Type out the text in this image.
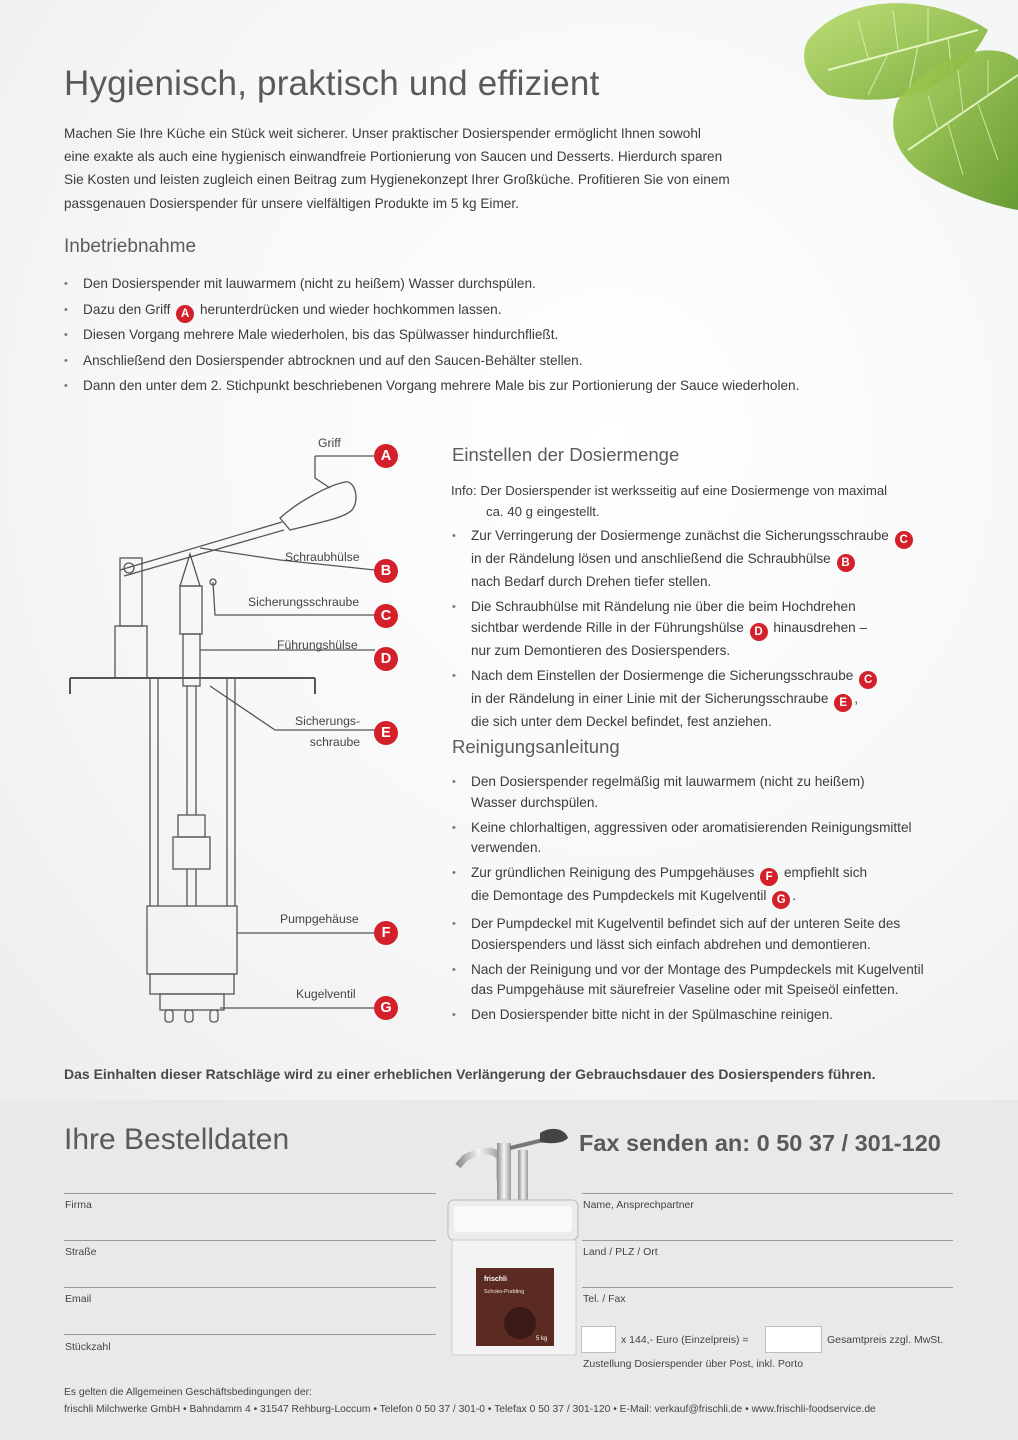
Hygienisch, praktisch und effizient
Machen Sie Ihre Küche ein Stück weit sicherer. Unser praktischer Dosierspender ermöglicht Ihnen sowohl
eine exakte als auch eine hygienisch einwandfreie Portionierung von Saucen und Desserts. Hierdurch sparen
Sie Kosten und leisten zugleich einen Beitrag zum Hygienekonzept Ihrer Großküche. Profitieren Sie von einem
passgenauen Dosierspender für unsere vielfältigen Produkte im 5 kg Eimer.
Inbetriebnahme
• Den Dosierspender mit lauwarmem (nicht zu heißem) Wasser durchspülen.
• Dazu den Griff A herunterdrücken und wieder hochkommen lassen.
• Diesen Vorgang mehrere Male wiederholen, bis das Spülwasser hindurchfließt.
• Anschließend den Dosierspender abtrocknen und auf den Saucen-Behälter stellen.
• Dann den unter dem 2. Stichpunkt beschriebenen Vorgang mehrere Male bis zur Portionierung der Sauce wiederholen.
Griff
A
Schraubhülse
B
Sicherungsschraube
C
Führungshülse
D
Sicherungs-
schraube
E
Pumpgehäuse
F
Kugelventil
G
Einstellen der Dosiermenge
Info: Der Dosierspender ist werksseitig auf eine Dosiermenge von maximal
ca. 40 g eingestellt.
• Zur Verringerung der Dosiermenge zunächst die Sicherungsschraube C
in der Rändelung lösen und anschließend die Schraubhülse B
nach Bedarf durch Drehen tiefer stellen.
• Die Schraubhülse mit Rändelung nie über die beim Hochdrehen
sichtbar werdende Rille in der Führungshülse D hinausdrehen –
nur zum Demontieren des Dosierspenders.
• Nach dem Einstellen der Dosiermenge die Sicherungsschraube C
in der Rändelung in einer Linie mit der Sicherungsschraube E ,
die sich unter dem Deckel befindet, fest anziehen.
Reinigungsanleitung
• Den Dosierspender regelmäßig mit lauwarmem (nicht zu heißem)
Wasser durchspülen.
• Keine chlorhaltigen, aggressiven oder aromatisierenden Reinigungsmittel
verwenden.
• Zur gründlichen Reinigung des Pumpgehäuses F empfiehlt sich
die Demontage des Pumpdeckels mit Kugelventil G .
• Der Pumpdeckel mit Kugelventil befindet sich auf der unteren Seite des
Dosierspenders und lässt sich einfach abdrehen und demontieren.
• Nach der Reinigung und vor der Montage des Pumpdeckels mit Kugelventil
das Pumpgehäuse mit säurefreier Vaseline oder mit Speiseöl einfetten.
• Den Dosierspender bitte nicht in der Spülmaschine reinigen.

Das Einhalten dieser Ratschläge wird zu einer erheblichen Verlängerung der Gebrauchsdauer des Dosierspenders führen.

Ihre Bestelldaten	Fax senden an: 0 50 37 / 301-120
Firma
Straße
Email
Stückzahl
Name, Ansprechpartner
Land / PLZ / Ort
Tel. / Fax
x 144,- Euro (Einzelpreis) =	Gesamtpreis zzgl. MwSt.
Zustellung Dosierspender über Post, inkl. Porto
frischli
Schoko-Pudding
5 kg
Es gelten die Allgemeinen Geschäftsbedingungen der:
frischli Milchwerke GmbH • Bahndamm 4 • 31547 Rehburg-Loccum • Telefon 0 50 37 / 301-0 • Telefax 0 50 37 / 301-120 • E-Mail: verkauf@frischli.de • www.frischli-foodservice.de
